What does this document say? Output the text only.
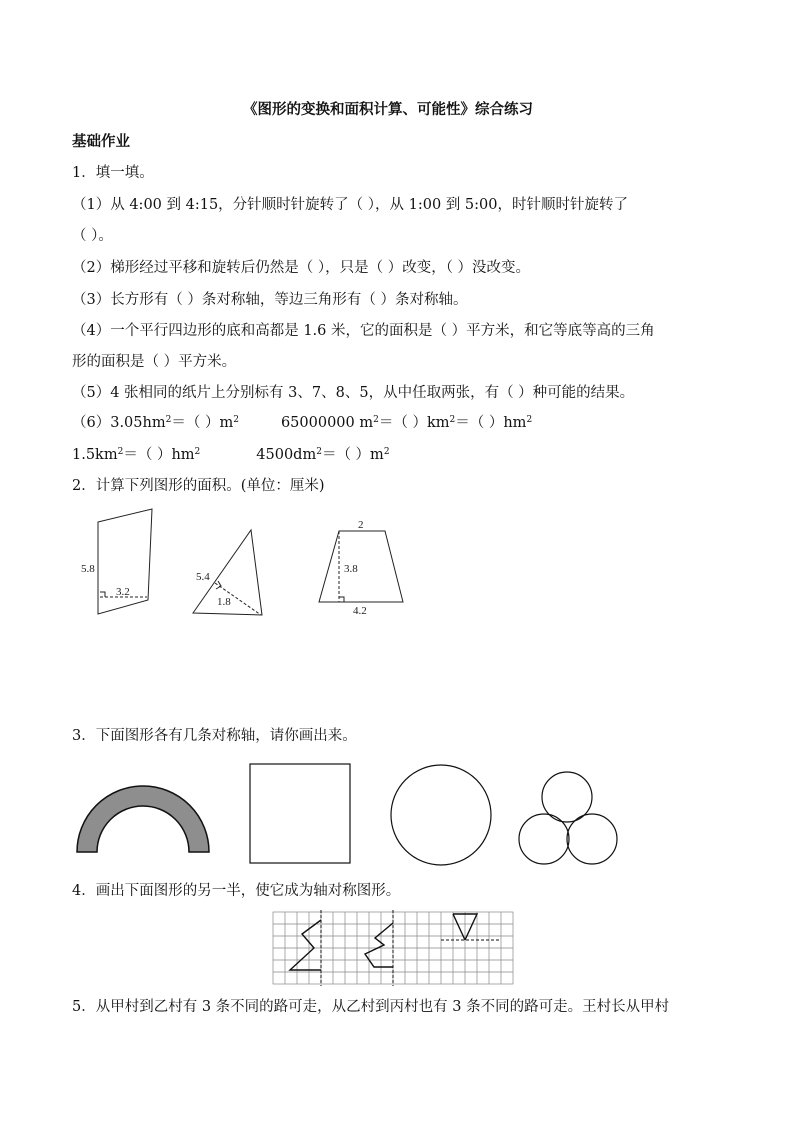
《图形的变换和面积计算、可能性》综合练习
基础作业
1．填一填。
（1）从 4:00 到 4:15，分针顺时针旋转了（ ），从 1:00 到 5:00，时针顺时针旋转了
（ ）。
（2）梯形经过平移和旋转后仍然是（ ），只是（ ）改变，（ ）没改变。
（3）长方形有（ ）条对称轴，等边三角形有（ ）条对称轴。
（4）一个平行四边形的底和高都是 1.6 米，它的面积是（ ）平方米，和它等底等高的三角
形的面积是（ ）平方米。
（5）4 张相同的纸片上分别标有 3、7、8、5，从中任取两张，有（ ）种可能的结果。
$(6)3.05hm^2=$（ ）$m^2$	65000000 $m^2=$（ ）$km^2=$（ ）$hm^2$
$1.5km^2=$（ ）$hm^2$	$4500dm^2=$（ ）$m^2$
2．计算下列图形的面积。(单位：厘米)
3．下面图形各有几条对称轴，请你画出来。
4．画出下面图形的另一半，使它成为轴对称图形。
5．从甲村到乙村有 3 条不同的路可走，从乙村到丙村也有 3 条不同的路可走。王村长从甲村
5.8
3.2
5.4
1.8
2
3.8
4.2
